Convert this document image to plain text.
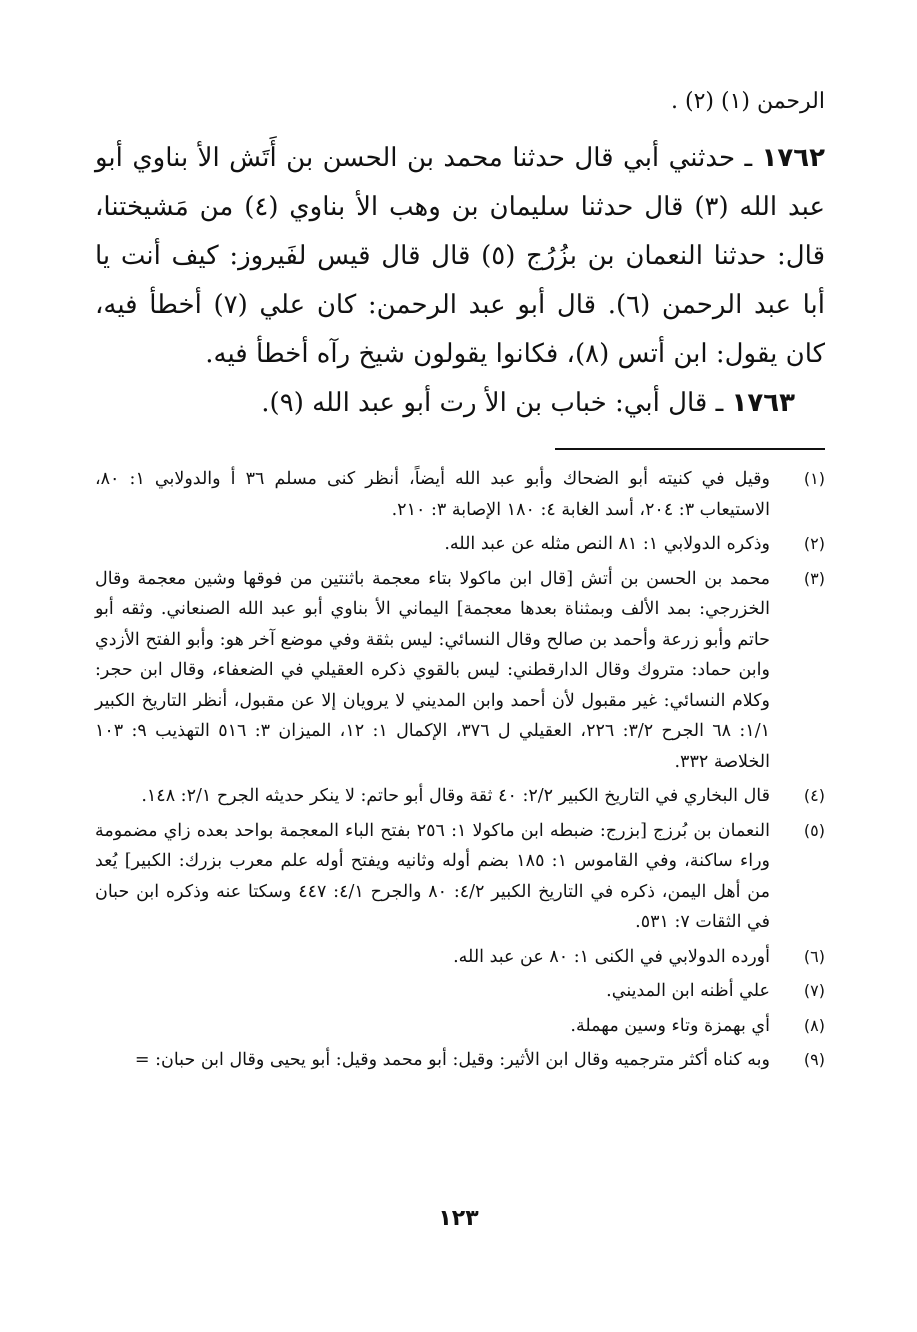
الرحمن (١) (٢) .

١٧٦٢ ـ حدثني أبي قال حدثنا محمد بن الحسن بن أَتَش الأ بناوي أبو عبد الله (٣) قال حدثنا سليمان بن وهب الأ بناوي (٤) من مَشيختنا، قال: حدثنا النعمان بن بزُرُج (٥) قال قال قيس لفَيروز: كيف أنت يا أبا عبد الرحمن (٦). قال أبو عبد الرحمن: كان علي (٧) أخطأ فيه، كان يقول: ابن أتس (٨)، فكانوا يقولون شيخ رآه أخطأ فيه.

١٧٦٣ ـ قال أبي: خباب بن الأ رت أبو عبد الله (٩).

(١)
وقيل في كنيته أبو الضحاك وأبو عبد الله أيضاً، أنظر كنى مسلم ٣٦ أ والدولابي ١: ٨٠، الاستيعاب ٣: ٢٠٤، أسد الغابة ٤: ١٨٠ الإصابة ٣: ٢١٠.
(٢)
وذكره الدولابي ١: ٨١ النص مثله عن عبد الله.
(٣)
محمد بن الحسن بن أتش [قال ابن ماكولا بتاء معجمة باثنتين من فوقها وشين معجمة وقال الخزرجي: بمد الألف وبمثناة بعدها معجمة] اليماني الأ بناوي أبو عبد الله الصنعاني. وثقه أبو حاتم وأبو زرعة وأحمد بن صالح وقال النسائي: ليس بثقة وفي موضع آخر هو: وأبو الفتح الأزدي وابن حماد: متروك وقال الدارقطني: ليس بالقوي ذكره العقيلي في الضعفاء، وقال ابن حجر: وكلام النسائي: غير مقبول لأن أحمد وابن المديني لا يرويان إلا عن مقبول، أنظر التاريخ الكبير ١/١: ٦٨ الجرح ٣/٢: ٢٢٦، العقيلي ل ٣٧٦، الإكمال ١: ١٢، الميزان ٣: ٥١٦ التهذيب ٩: ١٠٣ الخلاصة ٣٣٢.
(٤)
قال البخاري في التاريخ الكبير ٢/٢: ٤٠ ثقة وقال أبو حاتم: لا ينكر حديثه الجرح ٢/١: ١٤٨.
(٥)
النعمان بن بُرزج [بزرج: ضبطه ابن ماكولا ١: ٢٥٦ بفتح الباء المعجمة بواحد بعده زاي مضمومة وراء ساكنة، وفي القاموس ١: ١٨٥ بضم أوله وثانيه ويفتح أوله علم معرب بزرك: الكبير] يُعد من أهل اليمن، ذكره في التاريخ الكبير ٤/٢: ٨٠ والجرح ٤/١: ٤٤٧ وسكتا عنه وذكره ابن حبان في الثقات ٧: ٥٣١.
(٦)
أورده الدولابي في الكنى ١: ٨٠ عن عبد الله.
(٧)
علي أظنه ابن المديني.
(٨)
أي بهمزة وتاء وسين مهملة.
(٩)
وبه كناه أكثر مترجميه وقال ابن الأثير: وقيل: أبو محمد وقيل: أبو يحيى وقال ابن حبان: =
١٢٣
